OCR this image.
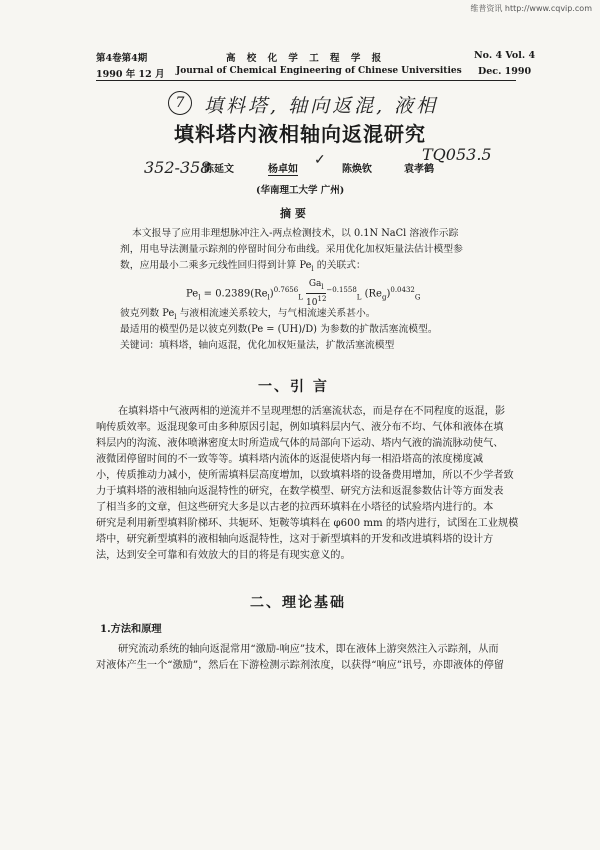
维普资讯 http://www.cqvip.com
第4卷第4期	高 校 化 学 工 程 学 报	No. 4 Vol. 4
1990 年 12 月 Journal of Chemical Engineering of Chinese Universities Dec. 1990
7	填料塔, 轴向返混, 液相
填料塔内液相轴向返混研究
352-358
TQ053.5
陈延文	杨卓如
✓
陈焕钦	袁孝鹤
(华南理工大学 广州)
摘 要
本文报导了应用非理想脉冲注入-两点检测技术，以 0.1N NaCl 溶液作示踪
剂，用电导法测量示踪剂的停留时间分布曲线。采用优化加权矩量法估计模型参
数，应用最小二乘多元线性回归得到计算 $Pe_l$ 的关联式：
$Pe_l = 0.2389(Re_l)^{0.7656}_L$
$Ga_l$
$10^{12}$
$^{-0.1558}_L$ $(Re_g)^{0.0432}_G$
彼克列数 $Pe_l$ 与液相流速关系较大，与气相流速关系甚小。
最适用的模型仍是以彼克列数(Pe = (UH)/D) 为参数的扩散活塞流模型。
关键词：填料塔，轴向返混，优化加权矩量法，扩散活塞流模型
一、引 言
在填料塔中气液两相的逆流并不呈现理想的活塞流状态，而是存在不同程度的返混，影
响传质效率。返混现象可由多种原因引起，例如填料层内气、液分布不均、气体和液体在填
料层内的沟流、液体喷淋密度太时所造成气体的局部向下运动、塔内气液的湍流脉动使气、
液微团停留时间的不一致等等。填料塔内流体的返混使塔内每一相沿塔高的浓度梯度减
小，传质推动力减小，使所需填料层高度增加，以致填料塔的设备费用增加，所以不少学者致
力于填料塔的液相轴向返混特性的研究，在数学模型、研究方法和返混参数估计等方面发表
了相当多的文章，但这些研究大多是以古老的拉西环填料在小塔径的试验塔内进行的。本
研究是利用新型填料阶梯环、共轭环、矩鞍等填料在 φ600 mm 的塔内进行，试图在工业规模
塔中，研究新型填料的液相轴向返混特性，这对于新型填料的开发和改进填料塔的设计方
法，达到安全可靠和有效放大的目的将是有现实意义的。
二、理论基础
1.方法和原理
研究流动系统的轴向返混常用“激励-响应”技术，即在液体上游突然注入示踪剂，从而
对液体产生一个“激励”，然后在下游检测示踪剂浓度，以获得“响应”讯号，亦即液体的停留
